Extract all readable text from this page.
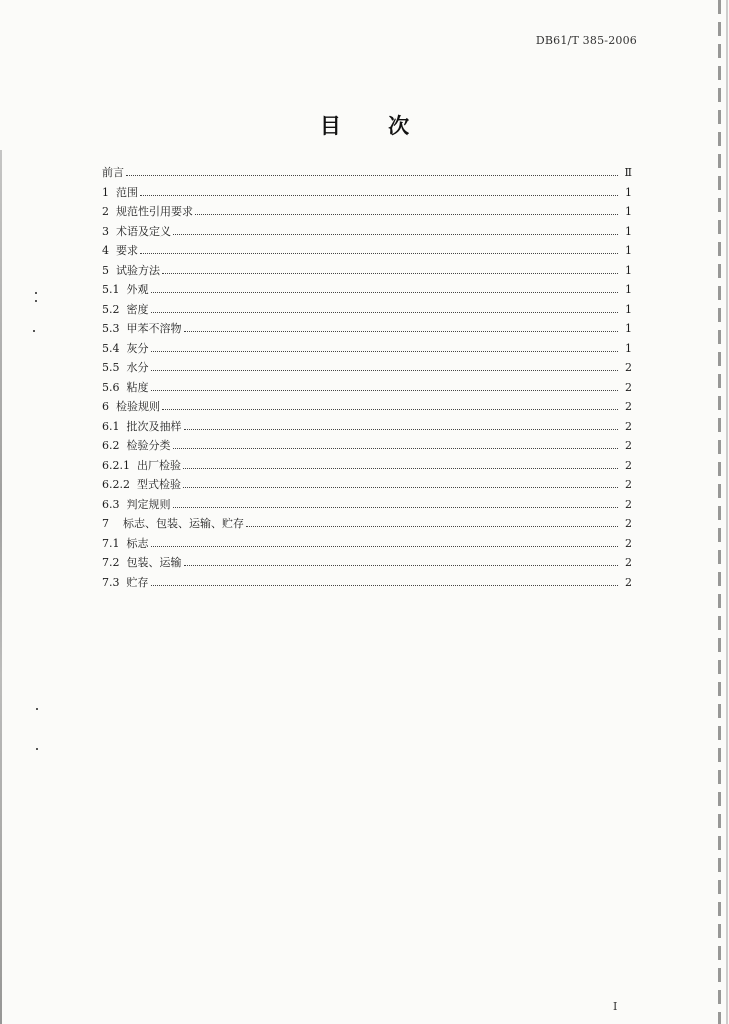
DB61/T 385-2006
目 次
前言	Ⅱ
1  范围	1
2  规范性引用要求	1
3  术语及定义	1
4  要求	1
5  试验方法	1
5.1  外观	1
5.2  密度	1
5.3  甲苯不溶物	1
5.4  灰分	1
5.5  水分	2
5.6  粘度	2
6  检验规则	2
6.1  批次及抽样	2
6.2  检验分类	2
6.2.1  出厂检验	2
6.2.2  型式检验	2
6.3  判定规则	2
7    标志、包装、运输、贮存	2
7.1  标志	2
7.2  包装、运输	2
7.3  贮存	2
I
